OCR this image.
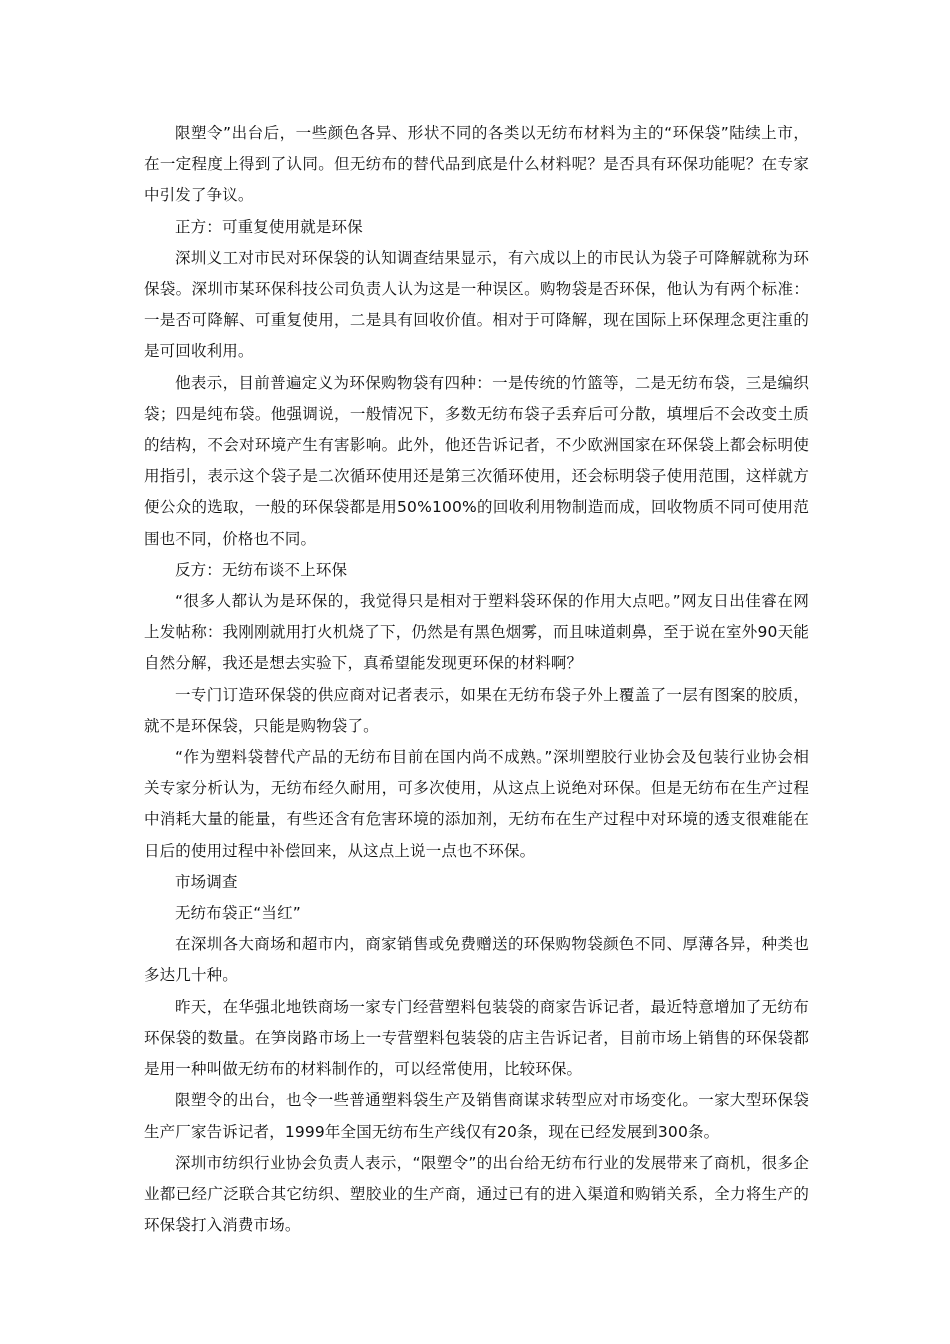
限塑令”出台后，一些颜色各异、形状不同的各类以无纺布材料为主的“环保袋”陆续上市，在一定程度上得到了认同。但无纺布的替代品到底是什么材料呢？是否具有环保功能呢？在专家中引发了争议。

正方：可重复使用就是环保

深圳义工对市民对环保袋的认知调查结果显示，有六成以上的市民认为袋子可降解就称为环保袋。深圳市某环保科技公司负责人认为这是一种误区。购物袋是否环保，他认为有两个标准：一是否可降解、可重复使用，二是具有回收价值。相对于可降解，现在国际上环保理念更注重的是可回收利用。

他表示，目前普遍定义为环保购物袋有四种：一是传统的竹篮等，二是无纺布袋，三是编织袋；四是纯布袋。他强调说，一般情况下，多数无纺布袋子丢弃后可分散，填埋后不会改变土质的结构，不会对环境产生有害影响。此外，他还告诉记者，不少欧洲国家在环保袋上都会标明使用指引，表示这个袋子是二次循环使用还是第三次循环使用，还会标明袋子使用范围，这样就方便公众的选取，一般的环保袋都是用50%100%的回收利用物制造而成，回收物质不同可使用范围也不同，价格也不同。

反方：无纺布谈不上环保

“很多人都认为是环保的，我觉得只是相对于塑料袋环保的作用大点吧。”网友日出佳睿在网上发帖称：我刚刚就用打火机烧了下，仍然是有黑色烟雾，而且味道刺鼻，至于说在室外90天能自然分解，我还是想去实验下，真希望能发现更环保的材料啊？

一专门订造环保袋的供应商对记者表示，如果在无纺布袋子外上覆盖了一层有图案的胶质，就不是环保袋，只能是购物袋了。

“作为塑料袋替代产品的无纺布目前在国内尚不成熟。”深圳塑胶行业协会及包装行业协会相关专家分析认为，无纺布经久耐用，可多次使用，从这点上说绝对环保。但是无纺布在生产过程中消耗大量的能量，有些还含有危害环境的添加剂，无纺布在生产过程中对环境的透支很难能在日后的使用过程中补偿回来，从这点上说一点也不环保。

市场调查

无纺布袋正“当红”

在深圳各大商场和超市内，商家销售或免费赠送的环保购物袋颜色不同、厚薄各异，种类也多达几十种。

昨天，在华强北地铁商场一家专门经营塑料包装袋的商家告诉记者，最近特意增加了无纺布环保袋的数量。在笋岗路市场上一专营塑料包装袋的店主告诉记者，目前市场上销售的环保袋都是用一种叫做无纺布的材料制作的，可以经常使用，比较环保。

限塑令的出台，也令一些普通塑料袋生产及销售商谋求转型应对市场变化。一家大型环保袋生产厂家告诉记者，1999年全国无纺布生产线仅有20条，现在已经发展到300条。

深圳市纺织行业协会负责人表示，“限塑令”的出台给无纺布行业的发展带来了商机，很多企业都已经广泛联合其它纺织、塑胶业的生产商，通过已有的进入渠道和购销关系，全力将生产的环保袋打入消费市场。
